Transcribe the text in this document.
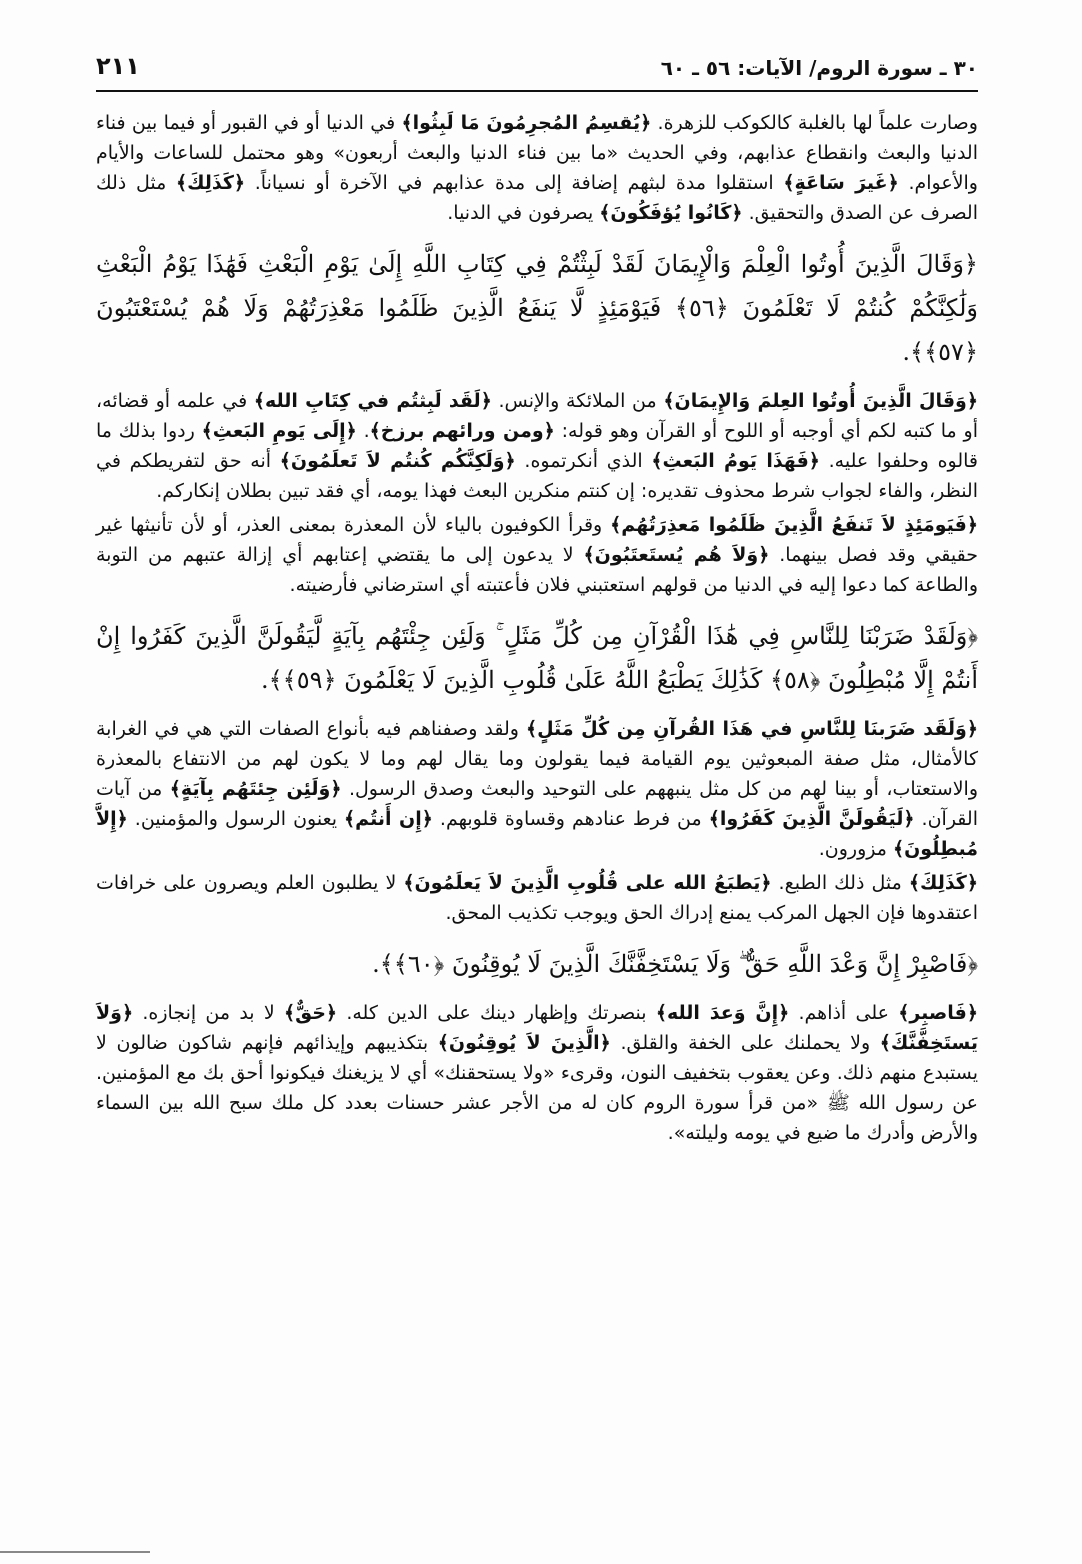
٣٠ ـ سورة الروم/ الآيات: ٥٦ ـ ٦٠
٢١١

وصارت علماً لها بالغلبة كالكوكب للزهرة. ﴿يُقسِمُ المُجرِمُونَ مَا لَبِثُوا﴾ في الدنيا أو في القبور أو فيما بين فناء الدنيا والبعث وانقطاع عذابهم، وفي الحديث «ما بين فناء الدنيا والبعث أربعون» وهو محتمل للساعات والأيام والأعوام. ﴿غَيرَ سَاعَةٍ﴾ استقلوا مدة لبثهم إضافة إلى مدة عذابهم في الآخرة أو نسياناً. ﴿كَذَلِكَ﴾ مثل ذلك الصرف عن الصدق والتحقيق. ﴿كَانُوا يُؤفَكُونَ﴾ يصرفون في الدنيا.

﴿وَقَالَ الَّذِينَ أُوتُوا الْعِلْمَ وَالْإِيمَانَ لَقَدْ لَبِثْتُمْ فِي كِتَابِ اللَّهِ إِلَىٰ يَوْمِ الْبَعْثِ فَهَٰذَا يَوْمُ الْبَعْثِ وَلَٰكِنَّكُمْ كُنتُمْ لَا تَعْلَمُونَ ﴿٥٦﴾ فَيَوْمَئِذٍ لَّا يَنفَعُ الَّذِينَ ظَلَمُوا مَعْذِرَتُهُمْ وَلَا هُمْ يُسْتَعْتَبُونَ ﴿٥٧﴾﴾.

﴿وَقَالَ الَّذِينَ أُوتُوا العِلمَ وَالإِيمَانَ﴾ من الملائكة والإنس. ﴿لَقَد لَبِثتُم في كِتَابِ الله﴾ في علمه أو قضائه، أو ما كتبه لكم أي أوجبه أو اللوح أو القرآن وهو قوله: ﴿ومن ورائهم برزخ﴾. ﴿إِلَى يَومِ البَعثِ﴾ ردوا بذلك ما قالوه وحلفوا عليه. ﴿فَهَذَا يَومُ البَعثِ﴾ الذي أنكرتموه. ﴿وَلَكِنَّكُم كُنتُم لاَ تَعلَمُونَ﴾ أنه حق لتفريطكم في النظر، والفاء لجواب شرط محذوف تقديره: إن كنتم منكرين البعث فهذا يومه، أي فقد تبين بطلان إنكاركم.

﴿فَيَومَئِذٍ لاَ تَنفَعُ الَّذِينَ ظَلَمُوا مَعذِرَتُهُم﴾ وقرأ الكوفيون بالياء لأن المعذرة بمعنى العذر، أو لأن تأنيثها غير حقيقي وقد فصل بينهما. ﴿وَلاَ هُم يُستَعتَبُونَ﴾ لا يدعون إلى ما يقتضي إعتابهم أي إزالة عتبهم من التوبة والطاعة كما دعوا إليه في الدنيا من قولهم استعتبني فلان فأعتبته أي استرضاني فأرضيته.

﴿وَلَقَدْ ضَرَبْنَا لِلنَّاسِ فِي هَٰذَا الْقُرْآنِ مِن كُلِّ مَثَلٍ ۚ وَلَئِن جِئْتَهُم بِآيَةٍ لَّيَقُولَنَّ الَّذِينَ كَفَرُوا إِنْ أَنتُمْ إِلَّا مُبْطِلُونَ ﴿٥٨﴾ كَذَٰلِكَ يَطْبَعُ اللَّهُ عَلَىٰ قُلُوبِ الَّذِينَ لَا يَعْلَمُونَ ﴿٥٩﴾﴾.

﴿وَلَقَد ضَرَبنَا لِلنَّاسِ في هَذَا القُرآنِ مِن كُلِّ مَثَلٍ﴾ ولقد وصفناهم فيه بأنواع الصفات التي هي في الغرابة كالأمثال، مثل صفة المبعوثين يوم القيامة فيما يقولون وما يقال لهم وما لا يكون لهم من الانتفاع بالمعذرة والاستعتاب، أو بينا لهم من كل مثل ينبههم على التوحيد والبعث وصدق الرسول. ﴿وَلَئِن جِئتَهُم بِآيَةٍ﴾ من آيات القرآن. ﴿لَيَقُولَنَّ الَّذِينَ كَفَرُوا﴾ من فرط عنادهم وقساوة قلوبهم. ﴿إِن أَنتُم﴾ يعنون الرسول والمؤمنين. ﴿إِلاَّ مُبطِلُونَ﴾ مزورون.

﴿كَذَلِكَ﴾ مثل ذلك الطبع. ﴿يَطبَعُ الله على قُلُوبِ الَّذِينَ لاَ يَعلَمُونَ﴾ لا يطلبون العلم ويصرون على خرافات اعتقدوها فإن الجهل المركب يمنع إدراك الحق ويوجب تكذيب المحق.

﴿فَاصْبِرْ إِنَّ وَعْدَ اللَّهِ حَقٌّ ۖ وَلَا يَسْتَخِفَّنَّكَ الَّذِينَ لَا يُوقِنُونَ ﴿٦٠﴾﴾.

﴿فَاصبِر﴾ على أذاهم. ﴿إِنَّ وَعدَ الله﴾ بنصرتك وإظهار دينك على الدين كله. ﴿حَقٌّ﴾ لا بد من إنجازه. ﴿وَلاَ يَستَخِفَّنَّكَ﴾ ولا يحملنك على الخفة والقلق. ﴿الَّذِينَ لاَ يُوقِنُونَ﴾ بتكذيبهم وإيذائهم فإنهم شاكون ضالون لا يستبدع منهم ذلك. وعن يعقوب بتخفيف النون، وقرىء «ولا يستحقنك» أي لا يزيغنك فيكونوا أحق بك مع المؤمنين. عن رسول الله ﷺ «من قرأ سورة الروم كان له من الأجر عشر حسنات بعدد كل ملك سبح الله بين السماء والأرض وأدرك ما ضيع في يومه وليلته».
